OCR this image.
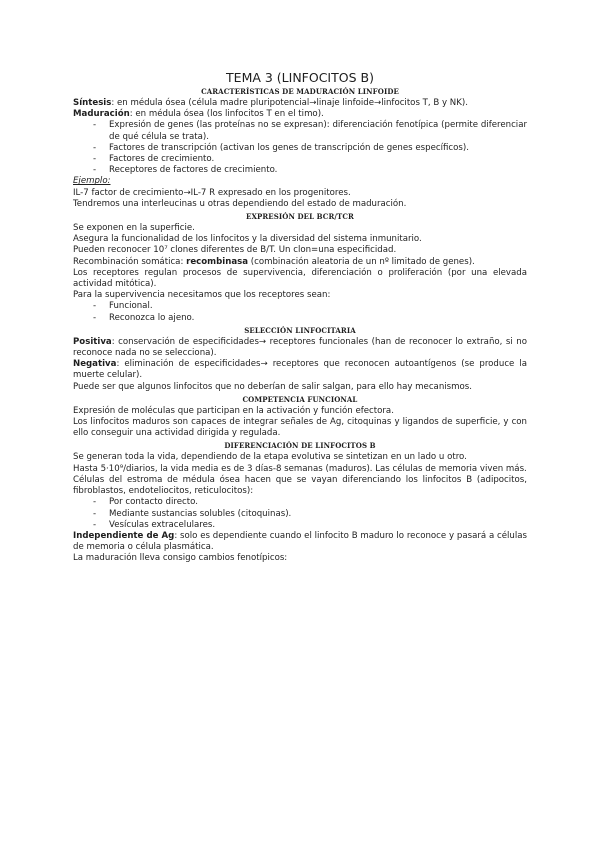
TEMA 3 (LINFOCITOS B)
CARACTERÍSTICAS DE MADURACIÓN LINFOIDE

Síntesis: en médula ósea (célula madre pluripotencial→linaje linfoide→linfocitos T, B y NK).

Maduración: en médula ósea (los linfocitos T en el timo).

- Expresión de genes (las proteínas no se expresan): diferenciación fenotípica (permite diferenciar de qué célula se trata).
- Factores de transcripción (activan los genes de transcripción de genes específicos).
- Factores de crecimiento.
- Receptores de factores de crecimiento.

Ejemplo:

IL-7 factor de crecimiento→IL-7 R expresado en los progenitores.

Tendremos una interleucinas u otras dependiendo del estado de maduración.

EXPRESIÓN DEL BCR/TCR

Se exponen en la superficie.

Asegura la funcionalidad de los linfocitos y la diversidad del sistema inmunitario.

Pueden reconocer 10⁷ clones diferentes de B/T. Un clon=una especificidad.

Recombinación somática: recombinasa (combinación aleatoria de un nº limitado de genes).

Los receptores regulan procesos de supervivencia, diferenciación o proliferación (por una elevada actividad mitótica).

Para la supervivencia necesitamos que los receptores sean:

- Funcional.
- Reconozca lo ajeno.
SELECCIÓN LINFOCITARIA

Positiva: conservación de especificidades→ receptores funcionales (han de reconocer lo extraño, si no reconoce nada no se selecciona).

Negativa: eliminación de especificidades→ receptores que reconocen autoantígenos (se produce la muerte celular).

Puede ser que algunos linfocitos que no deberían de salir salgan, para ello hay mecanismos.

COMPETENCIA FUNCIONAL

Expresión de moléculas que participan en la activación y función efectora.

Los linfocitos maduros son capaces de integrar señales de Ag, citoquinas y ligandos de superficie, y con ello conseguir una actividad dirigida y regulada.

DIFERENCIACIÓN DE LINFOCITOS B

Se generan toda la vida, dependiendo de la etapa evolutiva se sintetizan en un lado u otro.

Hasta 5·10⁹/diarios, la vida media es de 3 días-8 semanas (maduros). Las células de memoria viven más.

Células del estroma de médula ósea hacen que se vayan diferenciando los linfocitos B (adipocitos, fibroblastos, endoteliocitos, reticulocitos):

- Por contacto directo.
- Mediante sustancias solubles (citoquinas).
- Vesículas extracelulares.

Independiente de Ag: solo es dependiente cuando el linfocito B maduro lo reconoce y pasará a células de memoria o célula plasmática.

La maduración lleva consigo cambios fenotípicos:
